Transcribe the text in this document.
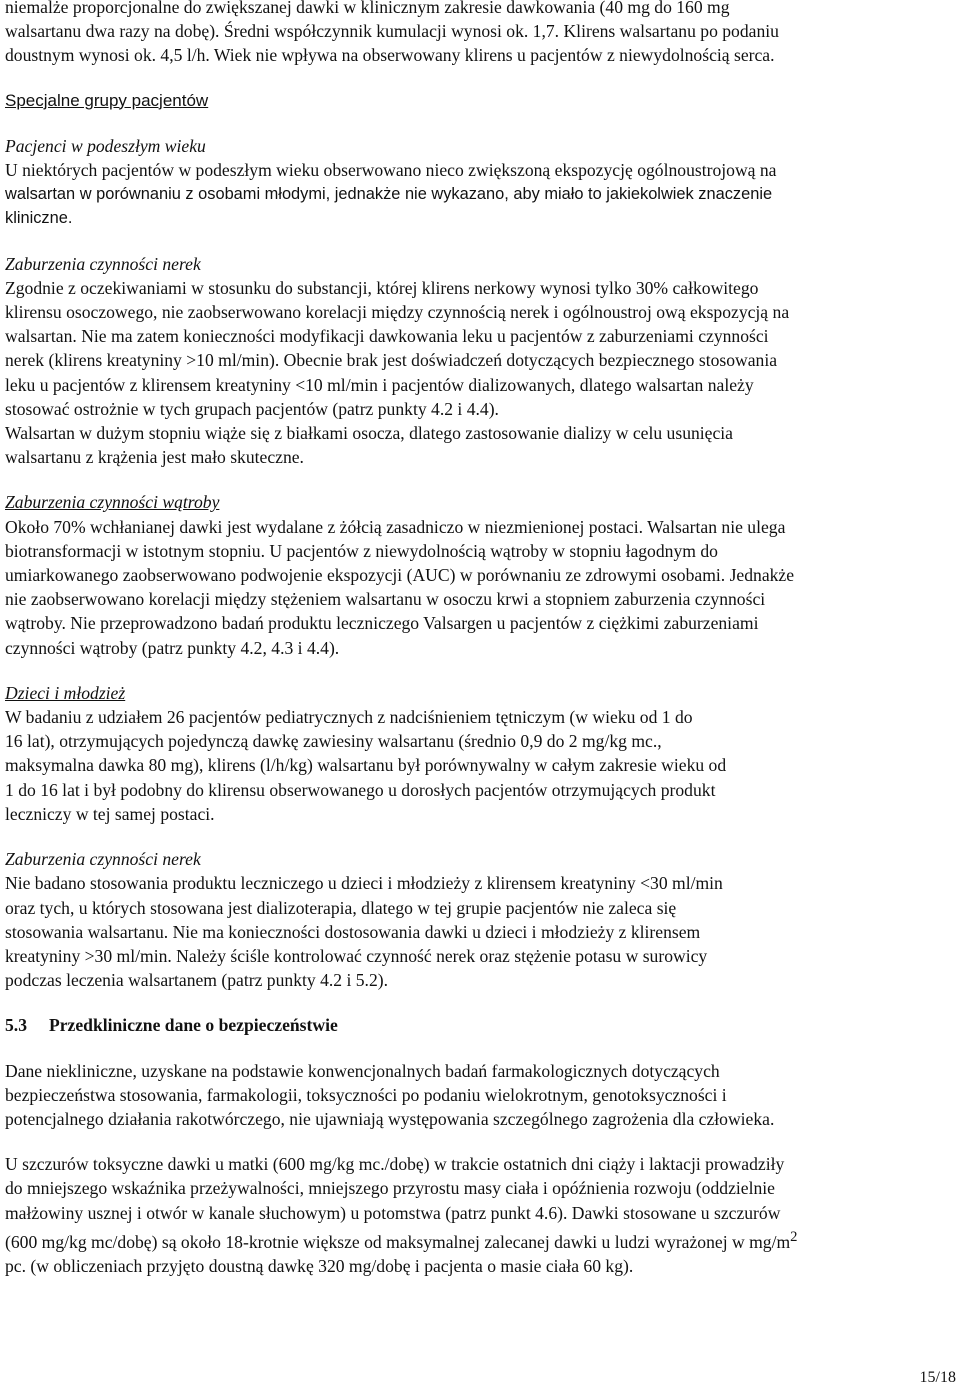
niemalże proporcjonalne do zwiększanej dawki w klinicznym zakresie dawkowania (40 mg do 160 mg

walsartanu dwa razy na dobę). Średni współczynnik kumulacji wynosi ok. 1,7. Klirens walsartanu po podaniu

doustnym wynosi ok. 4,5 l/h. Wiek nie wpływa na obserwowany klirens u pacjentów z niewydolnością serca.

Specjalne grupy pacjentów

Pacjenci w podeszłym wieku

U niektórych pacjentów w podeszłym wieku obserwowano nieco zwiększoną ekspozycję ogólnoustrojową na

walsartan w porównaniu z osobami młodymi, jednakże nie wykazano, aby miało to jakiekolwiek znaczenie

kliniczne.

Zaburzenia czynności nerek

Zgodnie z oczekiwaniami w stosunku do substancji, której klirens nerkowy wynosi tylko 30% całkowitego

klirensu osoczowego, nie zaobserwowano korelacji między czynnością nerek i ogólnoustroj ową ekspozycją na

walsartan. Nie ma zatem konieczności modyfikacji dawkowania leku u pacjentów z zaburzeniami czynności

nerek (klirens kreatyniny >10 ml/min). Obecnie brak jest doświadczeń dotyczących bezpiecznego stosowania

leku u pacjentów z klirensem kreatyniny <10 ml/min i pacjentów dializowanych, dlatego walsartan należy

stosować ostrożnie w tych grupach pacjentów (patrz punkty 4.2 i 4.4).

Walsartan w dużym stopniu wiąże się z białkami osocza, dlatego zastosowanie dializy w celu usunięcia

walsartanu z krążenia jest mało skuteczne.

Zaburzenia czynności wątroby

Około 70% wchłanianej dawki jest wydalane z żółcią zasadniczo w niezmienionej postaci. Walsartan nie ulega

biotransformacji w istotnym stopniu. U pacjentów z niewydolnością wątroby w stopniu łagodnym do

umiarkowanego zaobserwowano podwojenie ekspozycji (AUC) w porównaniu ze zdrowymi osobami. Jednakże

nie zaobserwowano korelacji między stężeniem walsartanu w osoczu krwi a stopniem zaburzenia czynności

wątroby. Nie przeprowadzono badań produktu leczniczego Valsargen u pacjentów z ciężkimi zaburzeniami

czynności wątroby (patrz punkty 4.2, 4.3 i 4.4).

Dzieci i młodzież

W badaniu z udziałem 26 pacjentów pediatrycznych z nadciśnieniem tętniczym (w wieku od 1 do

16 lat), otrzymujących pojedynczą dawkę zawiesiny walsartanu (średnio 0,9 do 2 mg/kg mc.,

maksymalna dawka 80 mg), klirens (l/h/kg) walsartanu był porównywalny w całym zakresie wieku od

1 do 16 lat i był podobny do klirensu obserwowanego u dorosłych pacjentów otrzymujących produkt

leczniczy w tej samej postaci.

Zaburzenia czynności nerek

Nie badano stosowania produktu leczniczego u dzieci i młodzieży z klirensem kreatyniny <30 ml/min

oraz tych, u których stosowana jest dializoterapia, dlatego w tej grupie pacjentów nie zaleca się

stosowania walsartanu. Nie ma konieczności dostosowania dawki u dzieci i młodzieży z klirensem

kreatyniny >30 ml/min. Należy ściśle kontrolować czynność nerek oraz stężenie potasu w surowicy

podczas leczenia walsartanem (patrz punkty 4.2 i 5.2).

5.3 Przedkliniczne dane o bezpieczeństwie

Dane niekliniczne, uzyskane na podstawie konwencjonalnych badań farmakologicznych dotyczących

bezpieczeństwa stosowania, farmakologii, toksyczności po podaniu wielokrotnym, genotoksyczności i

potencjalnego działania rakotwórczego, nie ujawniają występowania szczególnego zagrożenia dla człowieka.

U szczurów toksyczne dawki u matki (600 mg/kg mc./dobę) w trakcie ostatnich dni ciąży i laktacji prowadziły

do mniejszego wskaźnika przeżywalności, mniejszego przyrostu masy ciała i opóźnienia rozwoju (oddzielnie

małżowiny usznej i otwór w kanale słuchowym) u potomstwa (patrz punkt 4.6). Dawki stosowane u szczurów

(600 mg/kg mc/dobę) są około 18-krotnie większe od maksymalnej zalecanej dawki u ludzi wyrażonej w $mg/m^2$

pc. (w obliczeniach przyjęto doustną dawkę 320 mg/dobę i pacjenta o masie ciała 60 kg).

15/18
